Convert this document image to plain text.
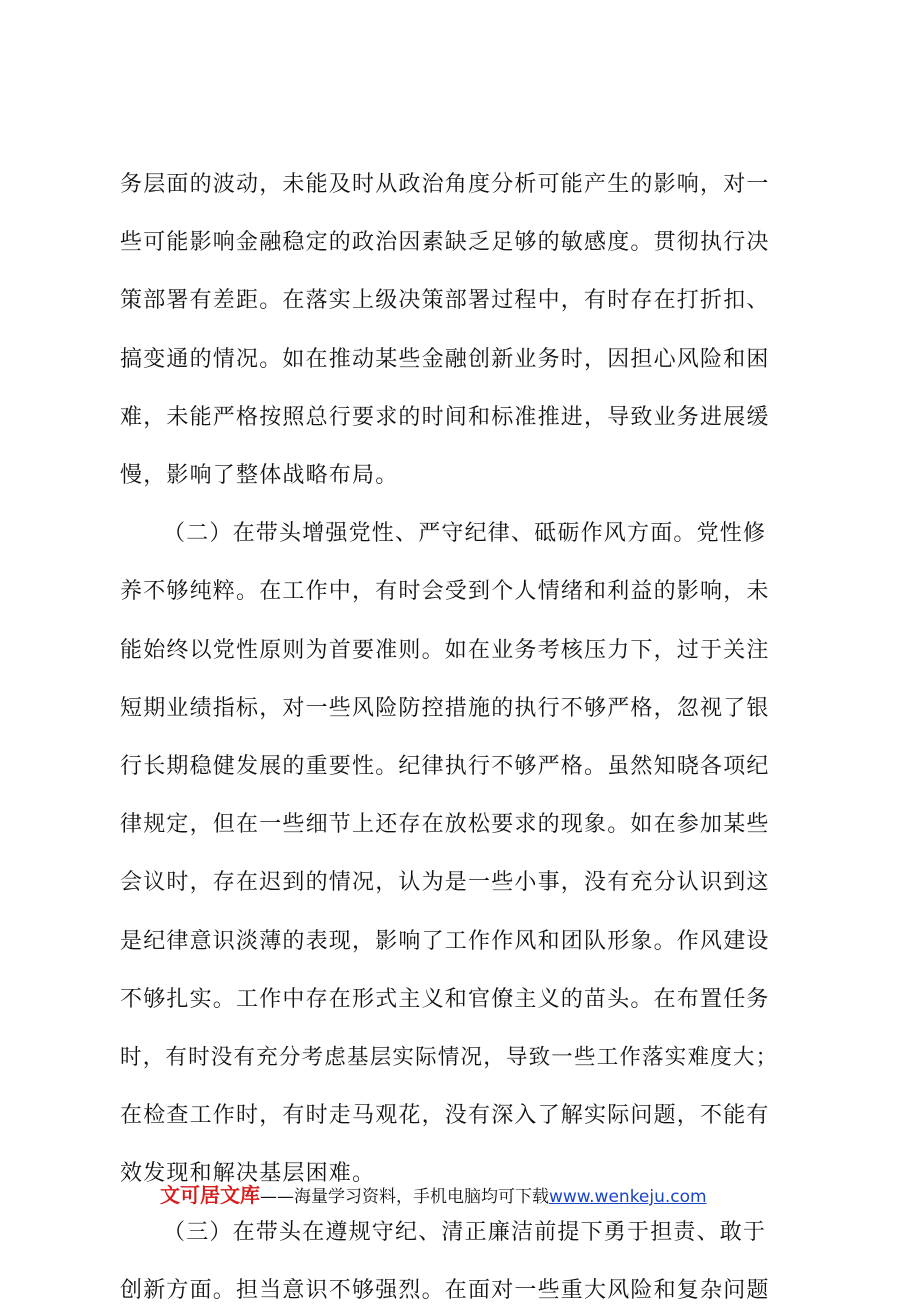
务层面的波动，未能及时从政治角度分析可能产生的影响，对一
些可能影响金融稳定的政治因素缺乏足够的敏感度。贯彻执行决
策部署有差距。在落实上级决策部署过程中，有时存在打折扣、
搞变通的情况。如在推动某些金融创新业务时，因担心风险和困
难，未能严格按照总行要求的时间和标准推进，导致业务进展缓
慢，影响了整体战略布局。
（二）在带头增强党性、严守纪律、砥砺作风方面。党性修
养不够纯粹。在工作中，有时会受到个人情绪和利益的影响，未
能始终以党性原则为首要准则。如在业务考核压力下，过于关注
短期业绩指标，对一些风险防控措施的执行不够严格，忽视了银
行长期稳健发展的重要性。纪律执行不够严格。虽然知晓各项纪
律规定，但在一些细节上还存在放松要求的现象。如在参加某些
会议时，存在迟到的情况，认为是一些小事，没有充分认识到这
是纪律意识淡薄的表现，影响了工作作风和团队形象。作风建设
不够扎实。工作中存在形式主义和官僚主义的苗头。在布置任务
时，有时没有充分考虑基层实际情况，导致一些工作落实难度大；
在检查工作时，有时走马观花，没有深入了解实际问题，不能有
效发现和解决基层困难。
（三）在带头在遵规守纪、清正廉洁前提下勇于担责、敢于
创新方面。担当意识不够强烈。在面对一些重大风险和复杂问题
文可居文库——海量学习资料，手机电脑均可下载www.wenkeju.com
